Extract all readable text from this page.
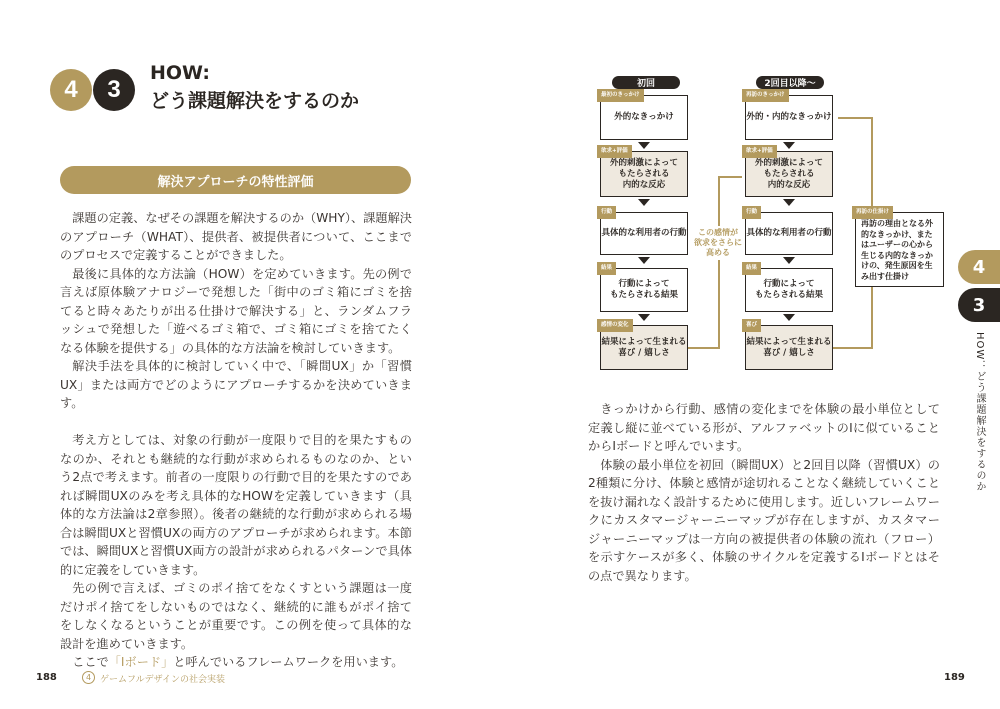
4	3
HOW:
どう課題解決をするのか
解決アプローチの特性評価

課題の定義、なぜその課題を解決するのか（WHY）、課題解決のアプローチ（WHAT）、提供者、被提供者について、ここまでのプロセスで定義することができました。

最後に具体的な方法論（HOW）を定めていきます。先の例で言えば原体験アナロジーで発想した「街中のゴミ箱にゴミを捨てると時々あたりが出る仕掛けで解決する」と、ランダムフラッシュで発想した「遊べるゴミ箱で、ゴミ箱にゴミを捨てたくなる体験を提供する」の具体的な方法論を検討していきます。

解決手法を具体的に検討していく中で、「瞬間UX」か「習慣UX」または両方でどのようにアプローチするかを決めていきます。

考え方としては、対象の行動が一度限りで目的を果たすものなのか、それとも継続的な行動が求められるものなのか、という2点で考えます。前者の一度限りの行動で目的を果たすのであれば瞬間UXのみを考え具体的なHOWを定義していきます（具体的な方法論は2章参照）。後者の継続的な行動が求められる場合は瞬間UXと習慣UXの両方のアプローチが求められます。本節では、瞬間UXと習慣UX両方の設計が求められるパターンで具体的に定義をしていきます。

先の例で言えば、ゴミのポイ捨てをなくすという課題は一度だけポイ捨てをしないものではなく、継続的に誰もがポイ捨てをしなくなるということが重要です。この例を使って具体的な設計を進めていきます。

ここで「Iボード」と呼んでいるフレームワークを用います。

初回	2回目以降〜
最初のきっかけ
外的なきっかけ
欲求+評価
外的刺激によって
もたらされる
内的な反応
行動
具体的な利用者の行動
結果
行動によって
もたらされる結果
感情の変化
結果によって生まれる
喜び / 嬉しさ
再訪のきっかけ
外的・内的なきっかけ
欲求+評価
外的刺激によって
もたらされる
内的な反応
行動
具体的な利用者の行動
結果
行動によって
もたらされる結果
喜び
結果によって生まれる
喜び / 嬉しさ
この感情が
欲求をさらに
高める
再訪の仕掛け
再訪の理由となる外的なきっかけ、またはユーザーの心から生じる内的なきっかけの、発生原因を生み出す仕掛け

きっかけから行動、感情の変化までを体験の最小単位として定義し縦に並べている形が、アルファベットのIに似ていることからIボードと呼んでいます。

体験の最小単位を初回（瞬間UX）と2回目以降（習慣UX）の2種類に分け、体験と感情が途切れることなく継続していくことを抜け漏れなく設計するために使用します。近しいフレームワークにカスタマージャーニーマップが存在しますが、カスタマージャーニーマップは一方向の被提供者の体験の流れ（フロー）を示すケースが多く、体験のサイクルを定義するIボードとはその点で異なります。

4
3
HOW：どう課題解決をするのか
188	4 ゲームフルデザインの社会実装	189
